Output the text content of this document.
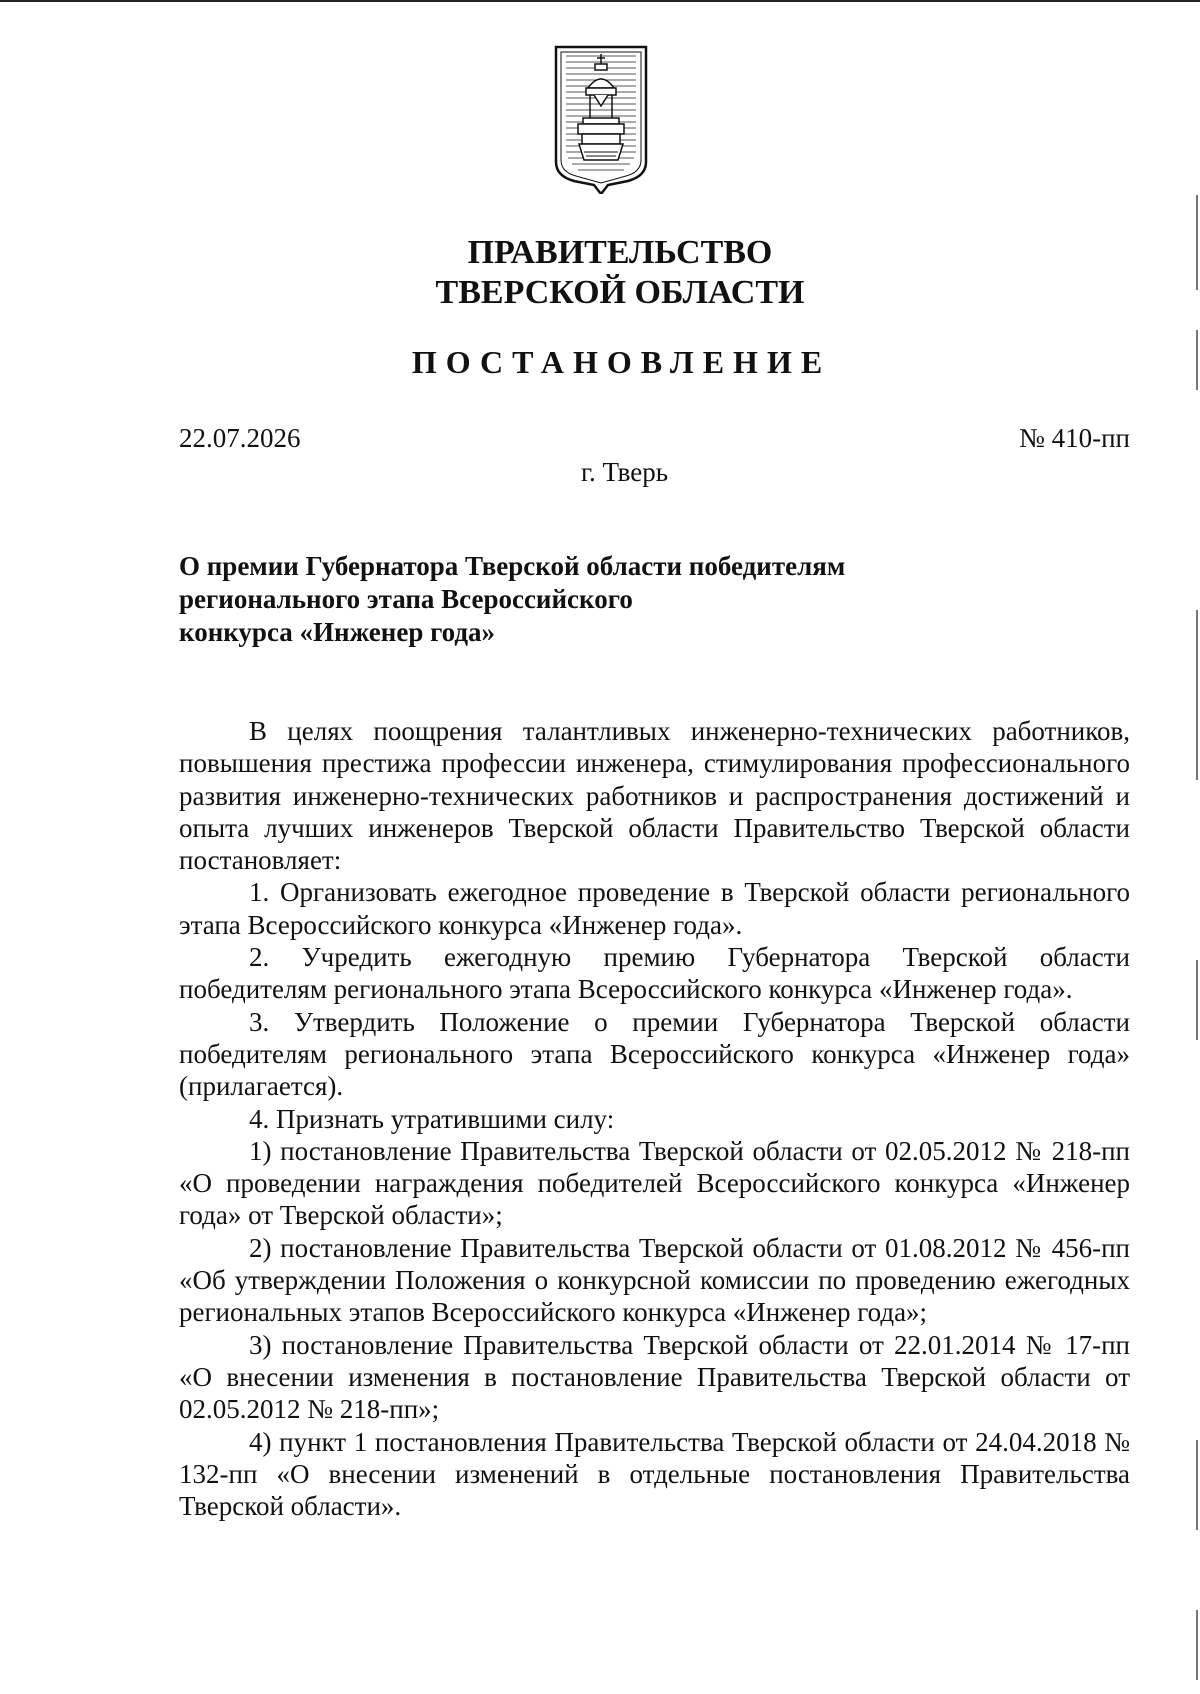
ПРАВИТЕЛЬСТВО
ТВЕРСКОЙ ОБЛАСТИ
ПОСТАНОВЛЕНИЕ
22.07.2026	№ 410-пп
г. Тверь
О премии Губернатора Тверской области победителям
регионального этапа Всероссийского
конкурса «Инженер года»

В целях поощрения талантливых инженерно-технических работников, повышения престижа профессии инженера, стимулирования профессионального развития инженерно-технических работников и распространения достижений и опыта лучших инженеров Тверской области Правительство Тверской области постановляет:

1. Организовать ежегодное проведение в Тверской области регионального этапа Всероссийского конкурса «Инженер года».

2. Учредить ежегодную премию Губернатора Тверской области победителям регионального этапа Всероссийского конкурса «Инженер года».

3. Утвердить Положение о премии Губернатора Тверской области победителям регионального этапа Всероссийского конкурса «Инженер года» (прилагается).

4. Признать утратившими силу:

1) постановление Правительства Тверской области от 02.05.2012 № 218-пп «О проведении награждения победителей Всероссийского конкурса «Инженер года» от Тверской области»;

2) постановление Правительства Тверской области от 01.08.2012 № 456-пп «Об утверждении Положения о конкурсной комиссии по проведению ежегодных региональных этапов Всероссийского конкурса «Инженер года»;

3) постановление Правительства Тверской области от 22.01.2014 № 17-пп «О внесении изменения в постановление Правительства Тверской области от 02.05.2012 № 218-пп»;

4) пункт 1 постановления Правительства Тверской области от 24.04.2018 № 132-пп «О внесении изменений в отдельные постановления Правительства Тверской области».
